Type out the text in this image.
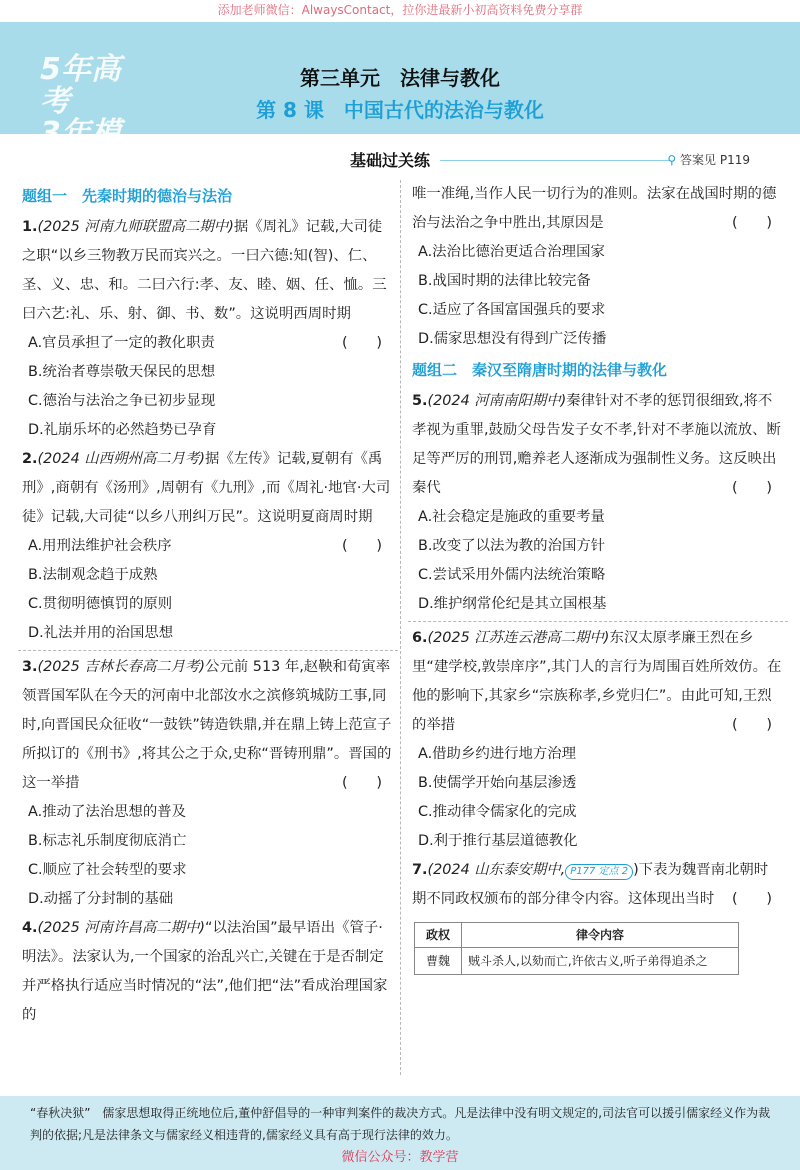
添加老师微信：AlwaysContact，拉你进最新小初高资料免费分享群
5年高考
3年模拟
第三单元　法律与教化
第 8 课　中国古代的法治与教化
基础过关练	⚲ 答案见 P119
题组一　先秦时期的德治与法治

1.(2025 河南九师联盟高二期中)据《周礼》记载,大司徒之职“以乡三物教万民而宾兴之。一曰六德:知(智)、仁、圣、义、忠、和。二曰六行:孝、友、睦、姻、任、恤。三曰六艺:礼、乐、射、御、书、数”。这说明西周时期
(　　)

A.官员承担了一定的教化职责
B.统治者尊崇敬天保民的思想
C.德治与法治之争已初步显现
D.礼崩乐坏的必然趋势已孕育

2.(2024 山西朔州高二月考)据《左传》记载,夏朝有《禹刑》,商朝有《汤刑》,周朝有《九刑》,而《周礼·地官·大司徒》记载,大司徒“以乡八刑纠万民”。这说明夏商周时期
(　　)

A.用刑法维护社会秩序
B.法制观念趋于成熟
C.贯彻明德慎罚的原则
D.礼法并用的治国思想

3.(2025 吉林长春高二月考)公元前 513 年,赵鞅和荀寅率领晋国军队在今天的河南中北部汝水之滨修筑城防工事,同时,向晋国民众征收“一鼓铁”铸造铁鼎,并在鼎上铸上范宣子所拟订的《刑书》,将其公之于众,史称“晋铸刑鼎”。晋国的这一举措	(　　)

A.推动了法治思想的普及
B.标志礼乐制度彻底消亡
C.顺应了社会转型的要求
D.动摇了分封制的基础

4.(2025 河南许昌高二期中)“以法治国”最早语出《管子·明法》。法家认为,一个国家的治乱兴亡,关键在于是否制定并严格执行适应当时情况的“法”,他们把“法”看成治理国家的

唯一准绳,当作人民一切行为的准则。法家在战国时期的德治与法治之争中胜出,其原因是	(　　)

A.法治比德治更适合治理国家
B.战国时期的法律比较完备
C.适应了各国富国强兵的要求
D.儒家思想没有得到广泛传播
题组二　秦汉至隋唐时期的法律与教化

5.(2024 河南南阳期中)秦律针对不孝的惩罚很细致,将不孝视为重罪,鼓励父母告发子女不孝,针对不孝施以流放、断足等严厉的刑罚,赡养老人逐渐成为强制性义务。这反映出秦代	(　　)

A.社会稳定是施政的重要考量
B.改变了以法为教的治国方针
C.尝试采用外儒内法统治策略
D.维护纲常伦纪是其立国根基

6.(2025 江苏连云港高二期中)东汉太原孝廉王烈在乡里“建学校,敦崇庠序”,其门人的言行为周围百姓所效仿。在他的影响下,其家乡“宗族称孝,乡党归仁”。由此可知,王烈的举措	(　　)

A.借助乡约进行地方治理
B.使儒学开始向基层渗透
C.推动律令儒家化的完成
D.利于推行基层道德教化

7.(2024 山东泰安期中, P177 定点 2 )下表为魏晋南北朝时期不同政权颁布的部分律令内容。这体现出当时 (　　)

政权	律令内容
曹魏	贼斗杀人,以劾而亡,许依古义,听子弟得追杀之
“春秋决狱”　儒家思想取得正统地位后,董仲舒倡导的一种审判案件的裁决方式。凡是法律中没有明文规定的,司法官可以援引儒家经义作为裁判的依据;凡是法律条文与儒家经义相违背的,儒家经义具有高于现行法律的效力。
微信公众号：教学营
